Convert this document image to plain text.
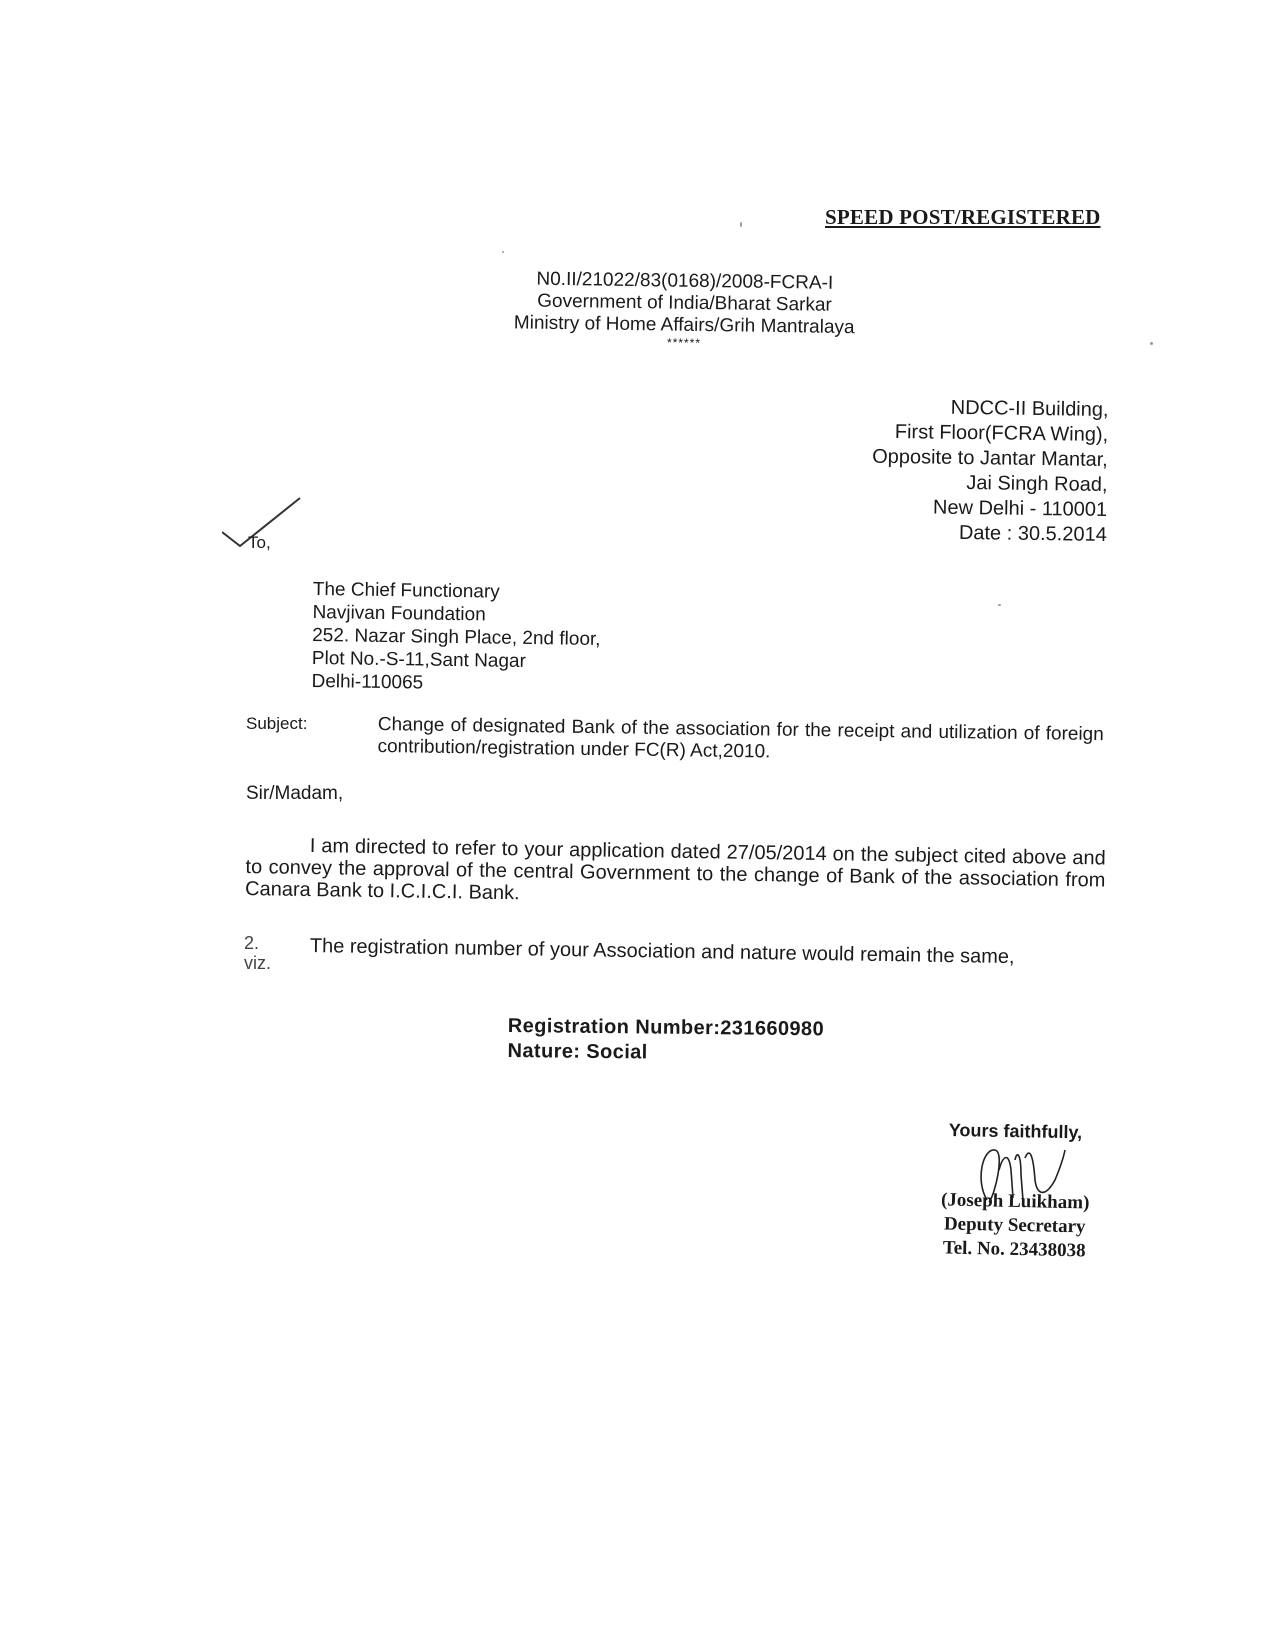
SPEED POST/REGISTERED
N0.II/21022/83(0168)/2008-FCRA-I
Government of India/Bharat Sarkar
Ministry of Home Affairs/Grih Mantralaya
******
NDCC-II Building,
First Floor(FCRA Wing),
Opposite to Jantar Mantar,
Jai Singh Road,
New Delhi - 110001
Date : 30.5.2014
To,
The Chief Functionary
Navjivan Foundation
252. Nazar Singh Place, 2nd floor,
Plot No.-S-11,Sant Nagar
Delhi-110065
Subject:	Change of designated Bank of the association for the receipt and utilization of foreign contribution/registration under FC(R) Act,2010.
Sir/Madam,
I am directed to refer to your application dated 27/05/2014 on the subject cited above and to convey the approval of the central Government to the change of Bank of the association from Canara Bank to I.C.I.C.I. Bank.
2.
viz. The registration number of your Association and nature would remain the same,
Registration Number:231660980
Nature: Social
Yours faithfully,
(Joseph Luikham)
Deputy Secretary
Tel. No. 23438038
